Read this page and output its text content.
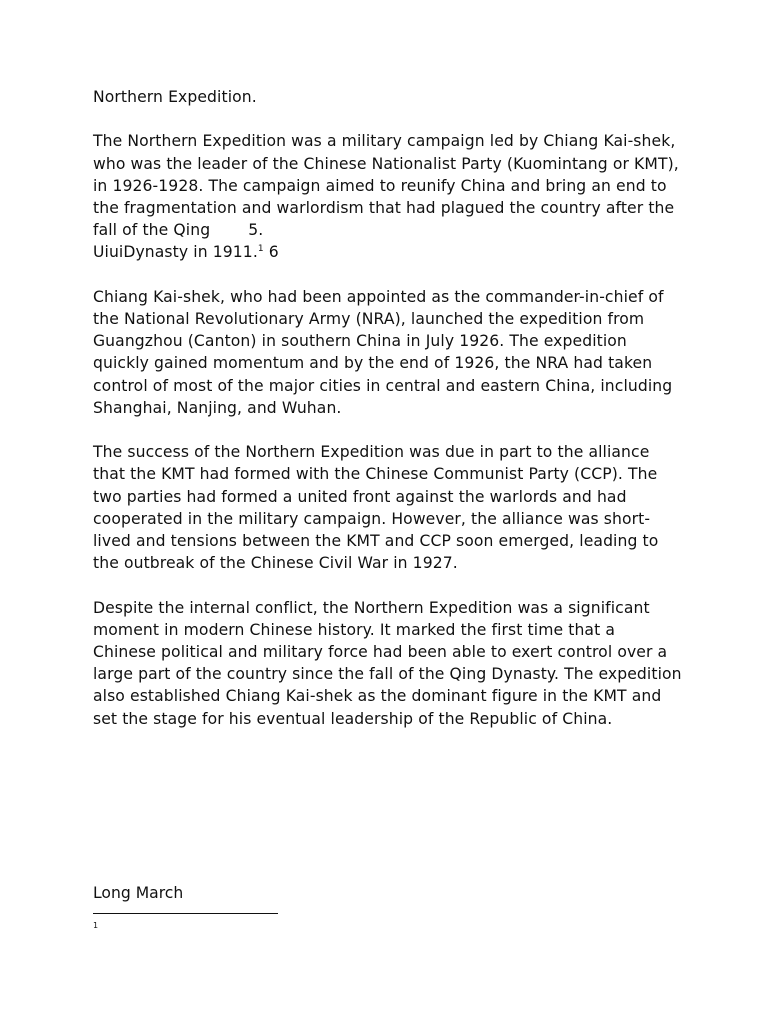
Northern Expedition.

The Northern Expedition was a military campaign led by Chiang Kai-shek, who was the leader of the Chinese Nationalist Party (Kuomintang or KMT), in 1926-1928. The campaign aimed to reunify China and bring an end to the fragmentation and warlordism that had plagued the country after the fall of the Qing 5.
UiuiDynasty in 1911.$^1$ 6

Chiang Kai-shek, who had been appointed as the commander-in-chief of the National Revolutionary Army (NRA), launched the expedition from Guangzhou (Canton) in southern China in July 1926. The expedition quickly gained momentum and by the end of 1926, the NRA had taken control of most of the major cities in central and eastern China, including Shanghai, Nanjing, and Wuhan.

The success of the Northern Expedition was due in part to the alliance that the KMT had formed with the Chinese Communist Party (CCP). The two parties had formed a united front against the warlords and had cooperated in the military campaign. However, the alliance was short-lived and tensions between the KMT and CCP soon emerged, leading to the outbreak of the Chinese Civil War in 1927.

Despite the internal conflict, the Northern Expedition was a significant moment in modern Chinese history. It marked the first time that a Chinese political and military force had been able to exert control over a large part of the country since the fall of the Qing Dynasty. The expedition also established Chiang Kai-shek as the dominant figure in the KMT and set the stage for his eventual leadership of the Republic of China.

Long March

1
